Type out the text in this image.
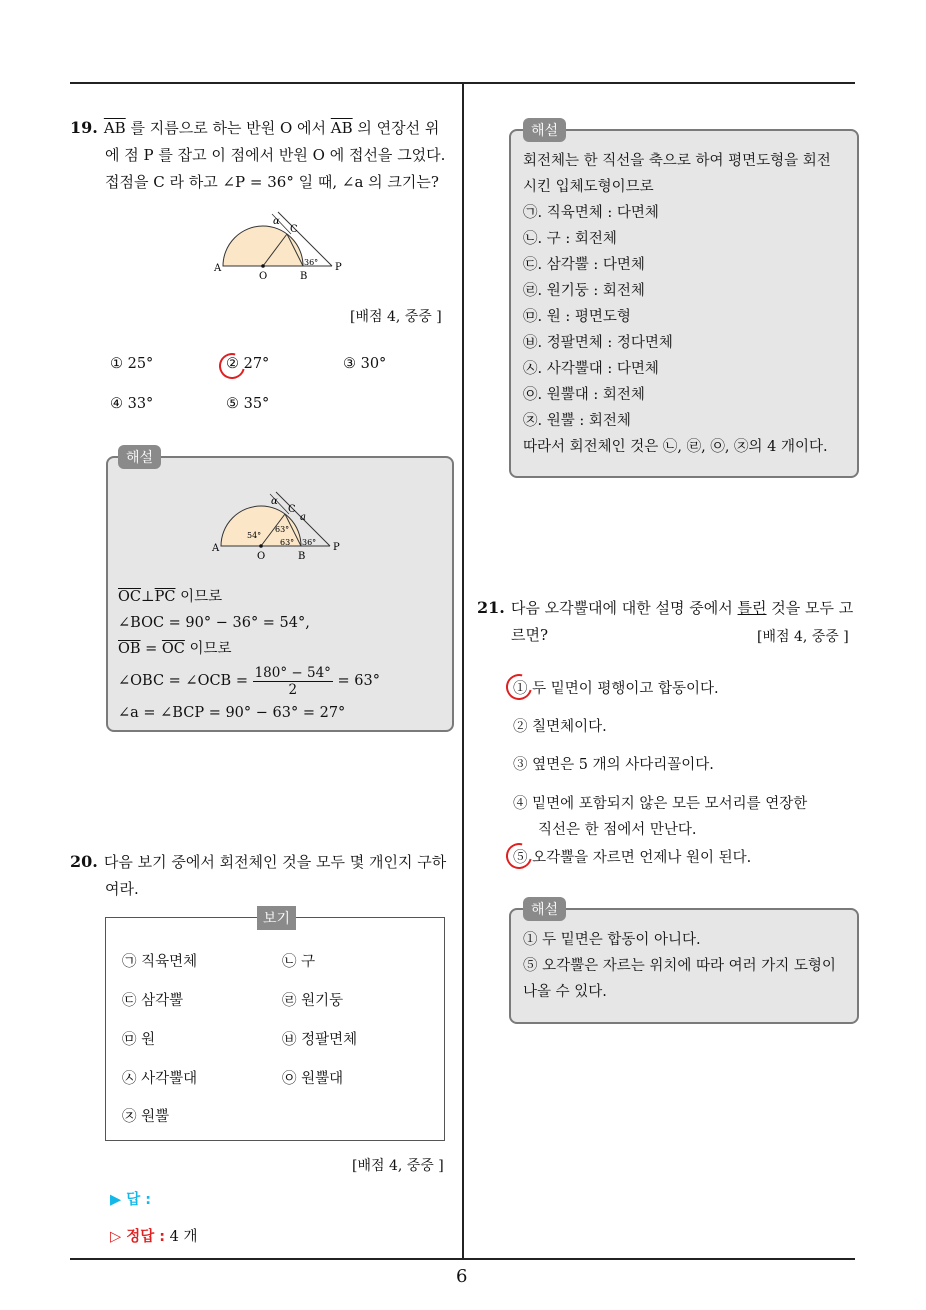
6
19. $\overline{AB}$ 를 지름으로 하는 반원 O 에서 $\overline{AB}$ 의 연장선 위
에 점 P 를 잡고 이 점에서 반원 O 에 접선을 그었다.
접점을 C 라 하고 ∠P = 36° 일 때, ∠a 의 크기는?
A
O	B
P
C
α
36°
[배점 4, 중중 ]
① 25°	② 27°	③ 30°
④ 33°	⑤ 35°
A
O	B
P
C
α
a
54°
63°
63° 36°
$\overline{OC}\perp\overline{PC}$ 이므로
∠BOC = 90° − 36° = 54°,
$\overline{OB} = \overline{OC}$ 이므로
∠OBC = ∠OCB = $\frac{180^\circ - 54^\circ}{2} = 63^\circ$
∠a = ∠BCP = 90° − 63° = 27°
해설
20. 다음 보기 중에서 회전체인 것을 모두 몇 개인지 구하
여라.
보기
㉠ 직육면체	㉡ 구
㉢ 삼각뿔	㉣ 원기둥
㉤ 원	㉥ 정팔면체
㉦ 사각뿔대	㉧ 원뿔대
㉨ 원뿔
[배점 4, 중중 ]
▶ 답 :
▷ 정답 : 4 개
회전체는 한 직선을 축으로 하여 평면도형을 회전
시킨 입체도형이므로
㉠. 직육면체 : 다면체
㉡. 구 : 회전체
㉢. 삼각뿔 : 다면체
㉣. 원기둥 : 회전체
㉤. 원 : 평면도형
㉥. 정팔면체 : 정다면체
㉦. 사각뿔대 : 다면체
㉧. 원뿔대 : 회전체
㉨. 원뿔 : 회전체
따라서 회전체인 것은 ㉡, ㉣, ㉧, ㉨의 4 개이다.
해설
21. 다음 오각뿔대에 대한 설명 중에서 틀린 것을 모두 고
르면?	[배점 4, 중중 ]
① 두 밑면이 평행이고 합동이다.
② 칠면체이다.
③ 옆면은 5 개의 사다리꼴이다.
④ 밑면에 포함되지 않은 모든 모서리를 연장한
직선은 한 점에서 만난다.
⑤ 오각뿔을 자르면 언제나 원이 된다.
① 두 밑면은 합동이 아니다.
⑤ 오각뿔은 자르는 위치에 따라 여러 가지 도형이
나올 수 있다.
해설
